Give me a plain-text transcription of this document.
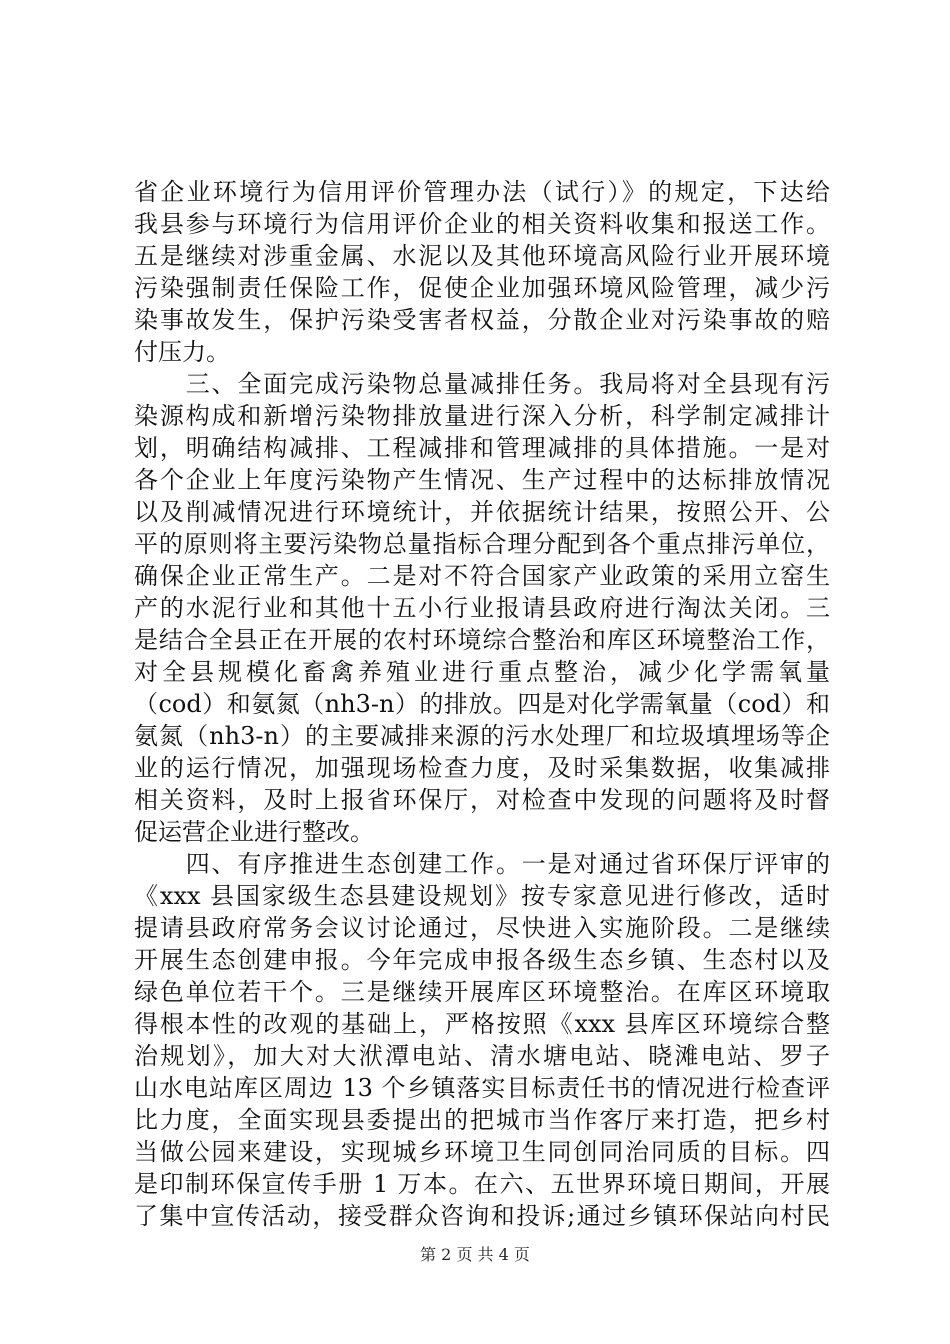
省企业环境行为信用评价管理办法（试行）》的规定，下达给
我县参与环境行为信用评价企业的相关资料收集和报送工作。
五是继续对涉重金属、水泥以及其他环境高风险行业开展环境
污染强制责任保险工作，促使企业加强环境风险管理，减少污
染事故发生，保护污染受害者权益，分散企业对污染事故的赔
付压力。
　　三、全面完成污染物总量减排任务。我局将对全县现有污
染源构成和新增污染物排放量进行深入分析，科学制定减排计
划，明确结构减排、工程减排和管理减排的具体措施。一是对
各个企业上年度污染物产生情况、生产过程中的达标排放情况
以及削减情况进行环境统计，并依据统计结果，按照公开、公
平的原则将主要污染物总量指标合理分配到各个重点排污单位，
确保企业正常生产。二是对不符合国家产业政策的采用立窑生
产的水泥行业和其他十五小行业报请县政府进行淘汰关闭。三
是结合全县正在开展的农村环境综合整治和库区环境整治工作，
对全县规模化畜禽养殖业进行重点整治，减少化学需氧量
（cod）和氨氮（nh3-n）的排放。四是对化学需氧量（cod）和
氨氮（nh3-n）的主要减排来源的污水处理厂和垃圾填埋场等企
业的运行情况，加强现场检查力度，及时采集数据，收集减排
相关资料，及时上报省环保厅，对检查中发现的问题将及时督
促运营企业进行整改。
　　四、有序推进生态创建工作。一是对通过省环保厅评审的
《xxx 县国家级生态县建设规划》按专家意见进行修改，适时
提请县政府常务会议讨论通过，尽快进入实施阶段。二是继续
开展生态创建申报。今年完成申报各级生态乡镇、生态村以及
绿色单位若干个。三是继续开展库区环境整治。在库区环境取
得根本性的改观的基础上，严格按照《xxx 县库区环境综合整
治规划》，加大对大洑潭电站、清水塘电站、晓滩电站、罗子
山水电站库区周边 13 个乡镇落实目标责任书的情况进行检查评
比力度，全面实现县委提出的把城市当作客厅来打造，把乡村
当做公园来建设，实现城乡环境卫生同创同治同质的目标。四
是印制环保宣传手册 1 万本。在六、五世界环境日期间，开展
了集中宣传活动，接受群众咨询和投诉;通过乡镇环保站向村民
第 2 页 共 4 页
